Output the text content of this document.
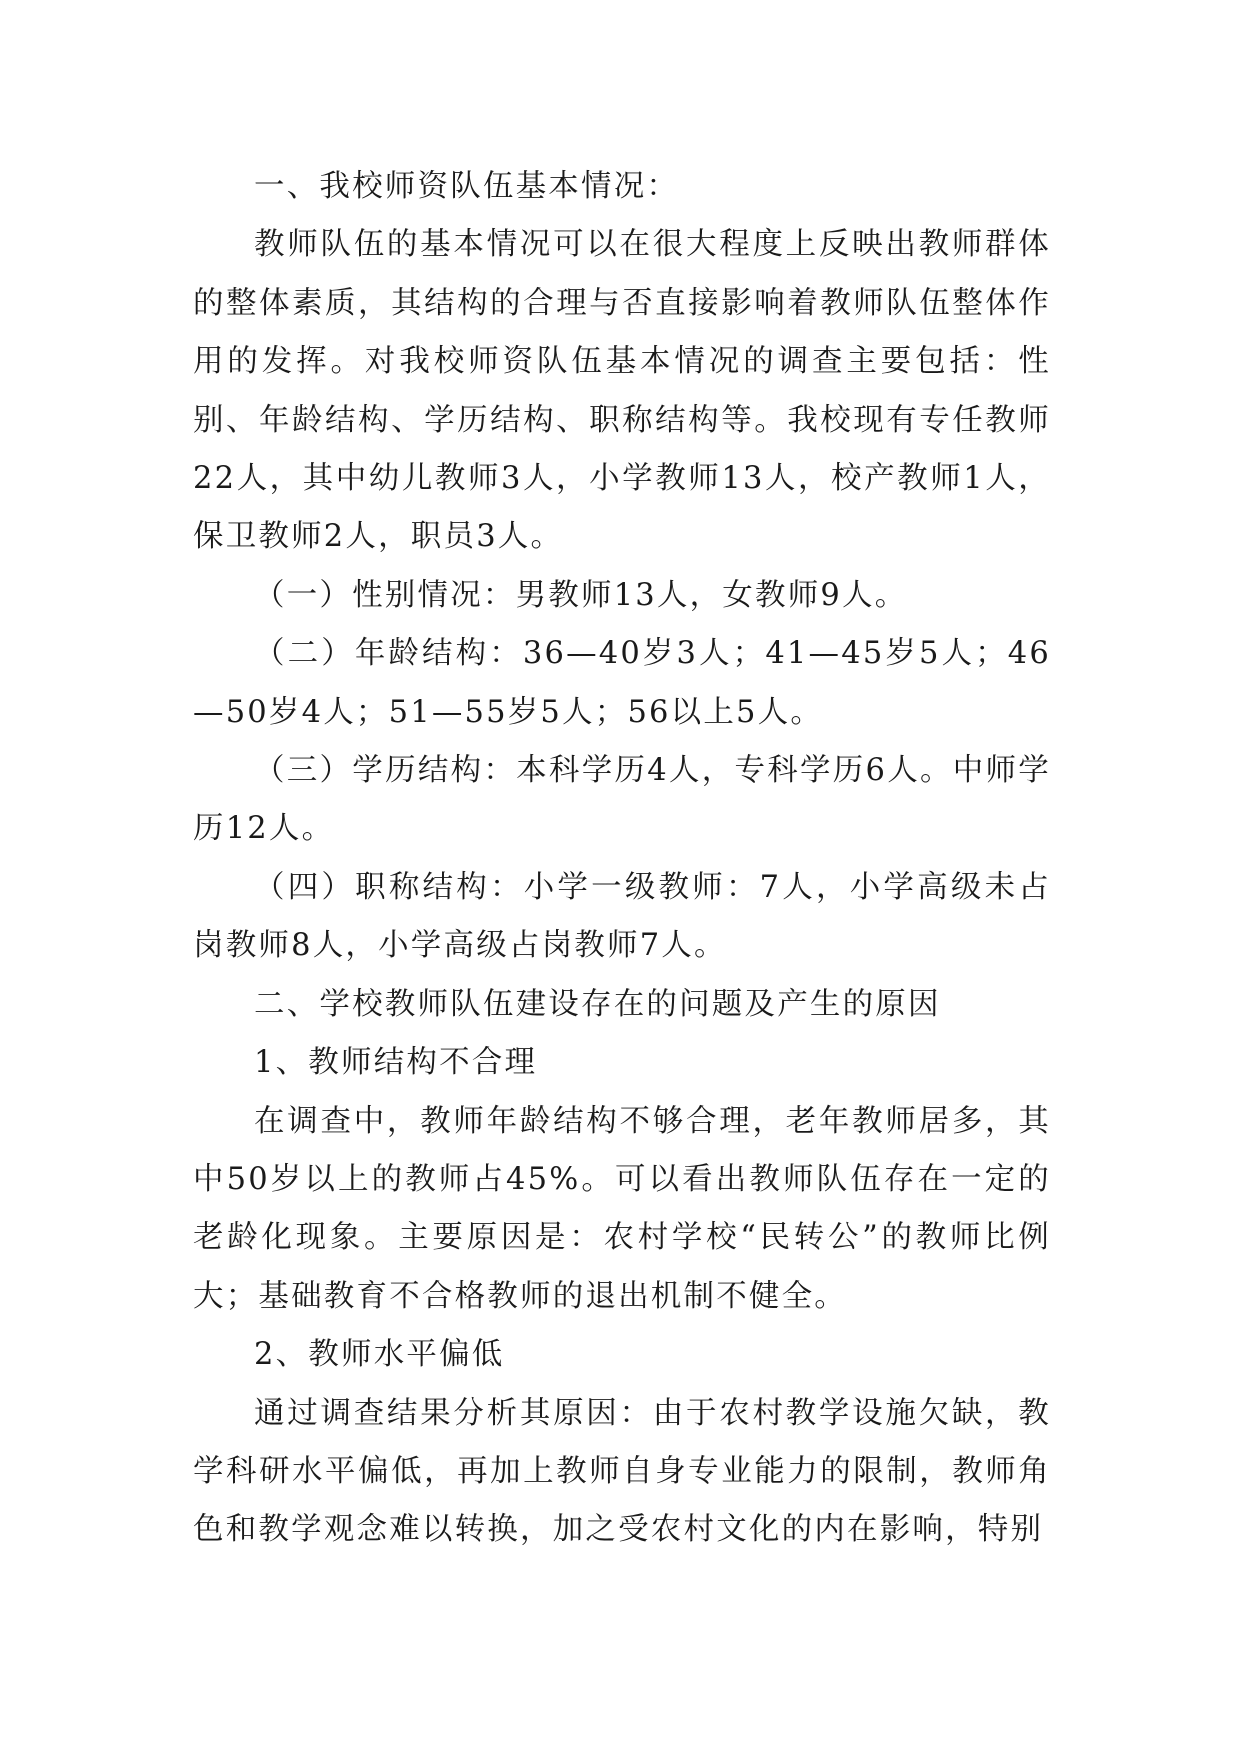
一、我校师资队伍基本情况：

教师队伍的基本情况可以在很大程度上反映出教师群体的整体素质，其结构的合理与否直接影响着教师队伍整体作用的发挥。对我校师资队伍基本情况的调查主要包括：性别、年龄结构、学历结构、职称结构等。我校现有专任教师22人，其中幼儿教师3人，小学教师13人，校产教师1人，保卫教师2人，职员3人。

（一）性别情况：男教师13人，女教师9人。

（二）年龄结构：36—40岁3人；41—45岁5人；46—50岁4人；51—55岁5人；56以上5人。

（三）学历结构：本科学历4人，专科学历6人。中师学历12人。

（四）职称结构：小学一级教师：7人，小学高级未占岗教师8人，小学高级占岗教师7人。

二、学校教师队伍建设存在的问题及产生的原因

1、教师结构不合理

在调查中，教师年龄结构不够合理，老年教师居多，其中50岁以上的教师占45%。可以看出教师队伍存在一定的老龄化现象。主要原因是：农村学校“民转公”的教师比例大；基础教育不合格教师的退出机制不健全。

2、教师水平偏低

通过调查结果分析其原因：由于农村教学设施欠缺，教学科研水平偏低，再加上教师自身专业能力的限制，教师角色和教学观念难以转换，加之受农村文化的内在影响，特别
